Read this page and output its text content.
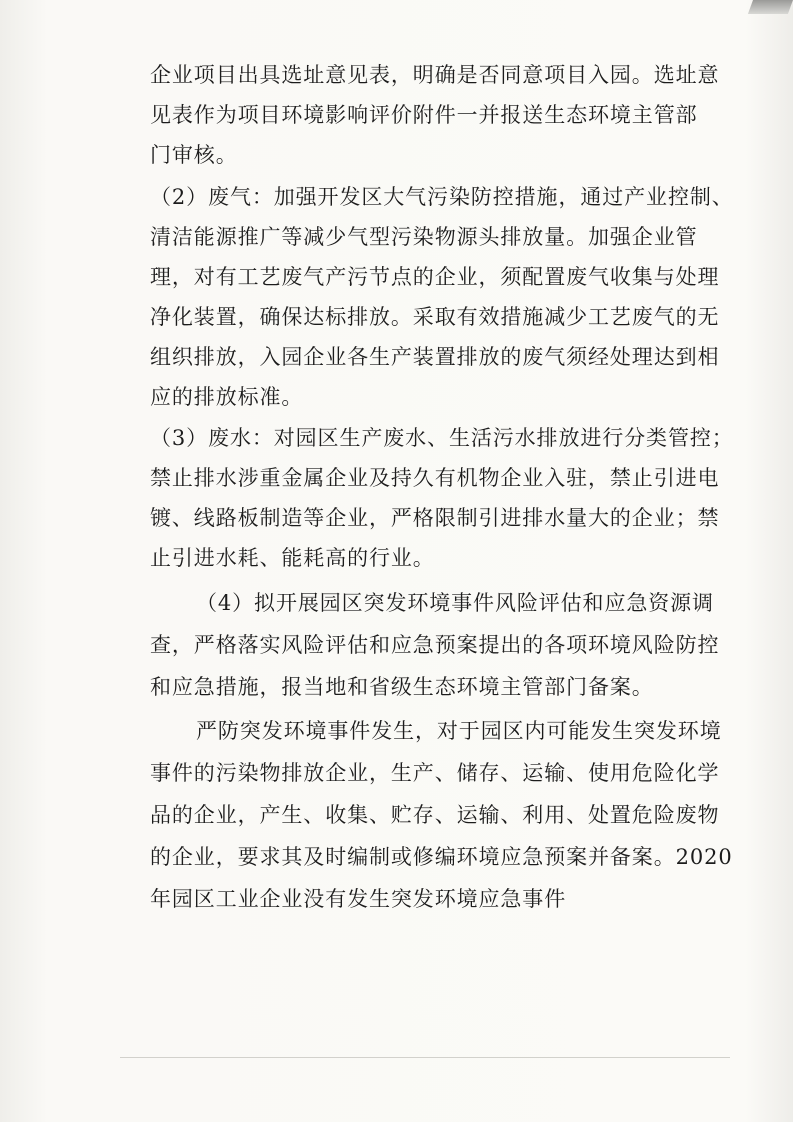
企业项目出具选址意见表，明确是否同意项目入园。选址意
见表作为项目环境影响评价附件一并报送生态环境主管部
门审核。
（2）废气：加强开发区大气污染防控措施，通过产业控制、
清洁能源推广等减少气型污染物源头排放量。加强企业管
理，对有工艺废气产污节点的企业，须配置废气收集与处理
净化装置，确保达标排放。采取有效措施减少工艺废气的无
组织排放，入园企业各生产装置排放的废气须经处理达到相
应的排放标准。
（3）废水：对园区生产废水、生活污水排放进行分类管控；
禁止排水涉重金属企业及持久有机物企业入驻，禁止引进电
镀、线路板制造等企业，严格限制引进排水量大的企业；禁
止引进水耗、能耗高的行业。
（4）拟开展园区突发环境事件风险评估和应急资源调
查，严格落实风险评估和应急预案提出的各项环境风险防控
和应急措施，报当地和省级生态环境主管部门备案。
严防突发环境事件发生，对于园区内可能发生突发环境
事件的污染物排放企业，生产、储存、运输、使用危险化学
品的企业，产生、收集、贮存、运输、利用、处置危险废物
的企业，要求其及时编制或修编环境应急预案并备案。2020
年园区工业企业没有发生突发环境应急事件
